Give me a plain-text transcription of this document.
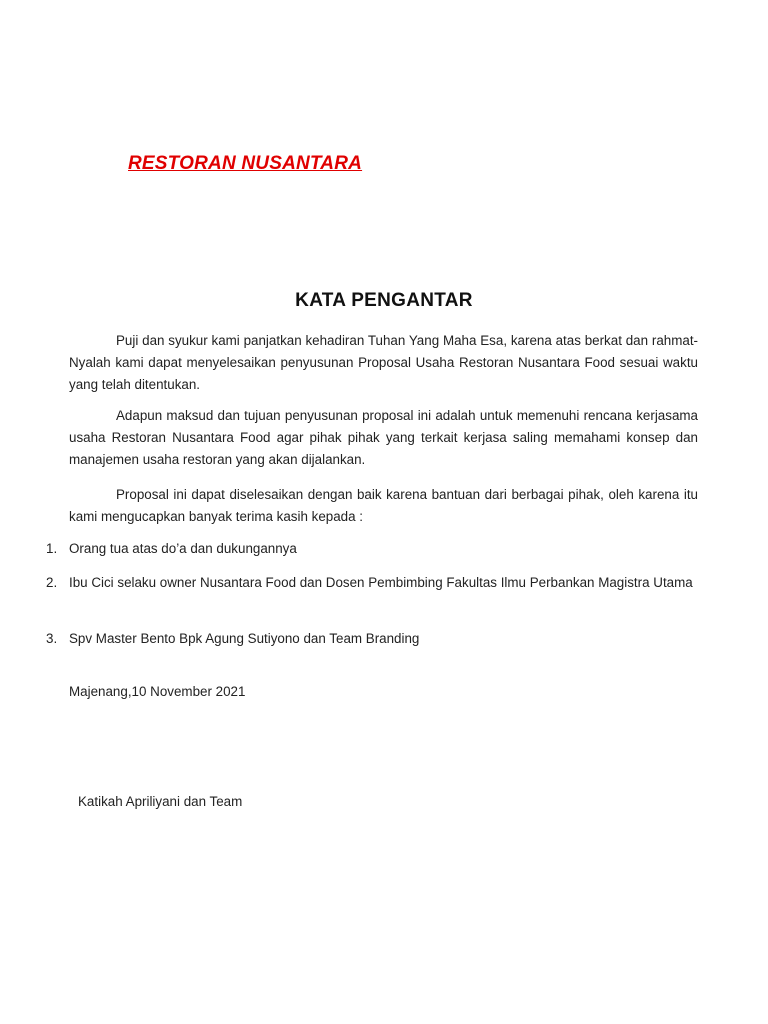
RESTORAN NUSANTARA
KATA PENGANTAR

Puji dan syukur kami panjatkan kehadiran Tuhan Yang Maha Esa, karena atas berkat dan rahmat-Nyalah kami dapat menyelesaikan penyusunan Proposal Usaha Restoran Nusantara Food sesuai waktu yang telah ditentukan.

Adapun maksud dan tujuan penyusunan proposal ini adalah untuk memenuhi rencana kerjasama usaha Restoran Nusantara Food agar pihak pihak yang terkait kerjasa saling memahami konsep dan manajemen usaha restoran yang akan dijalankan.

Proposal ini dapat diselesaikan dengan baik karena bantuan dari berbagai pihak, oleh karena itu kami mengucapkan banyak terima kasih kepada :

1. Orang tua atas do’a dan dukungannya
2. Ibu Cici selaku owner Nusantara Food dan Dosen Pembimbing Fakultas Ilmu Perbankan Magistra Utama
3. Spv Master Bento Bpk Agung Sutiyono dan Team Branding
Majenang,10 November 2021
Katikah Apriliyani dan Team
